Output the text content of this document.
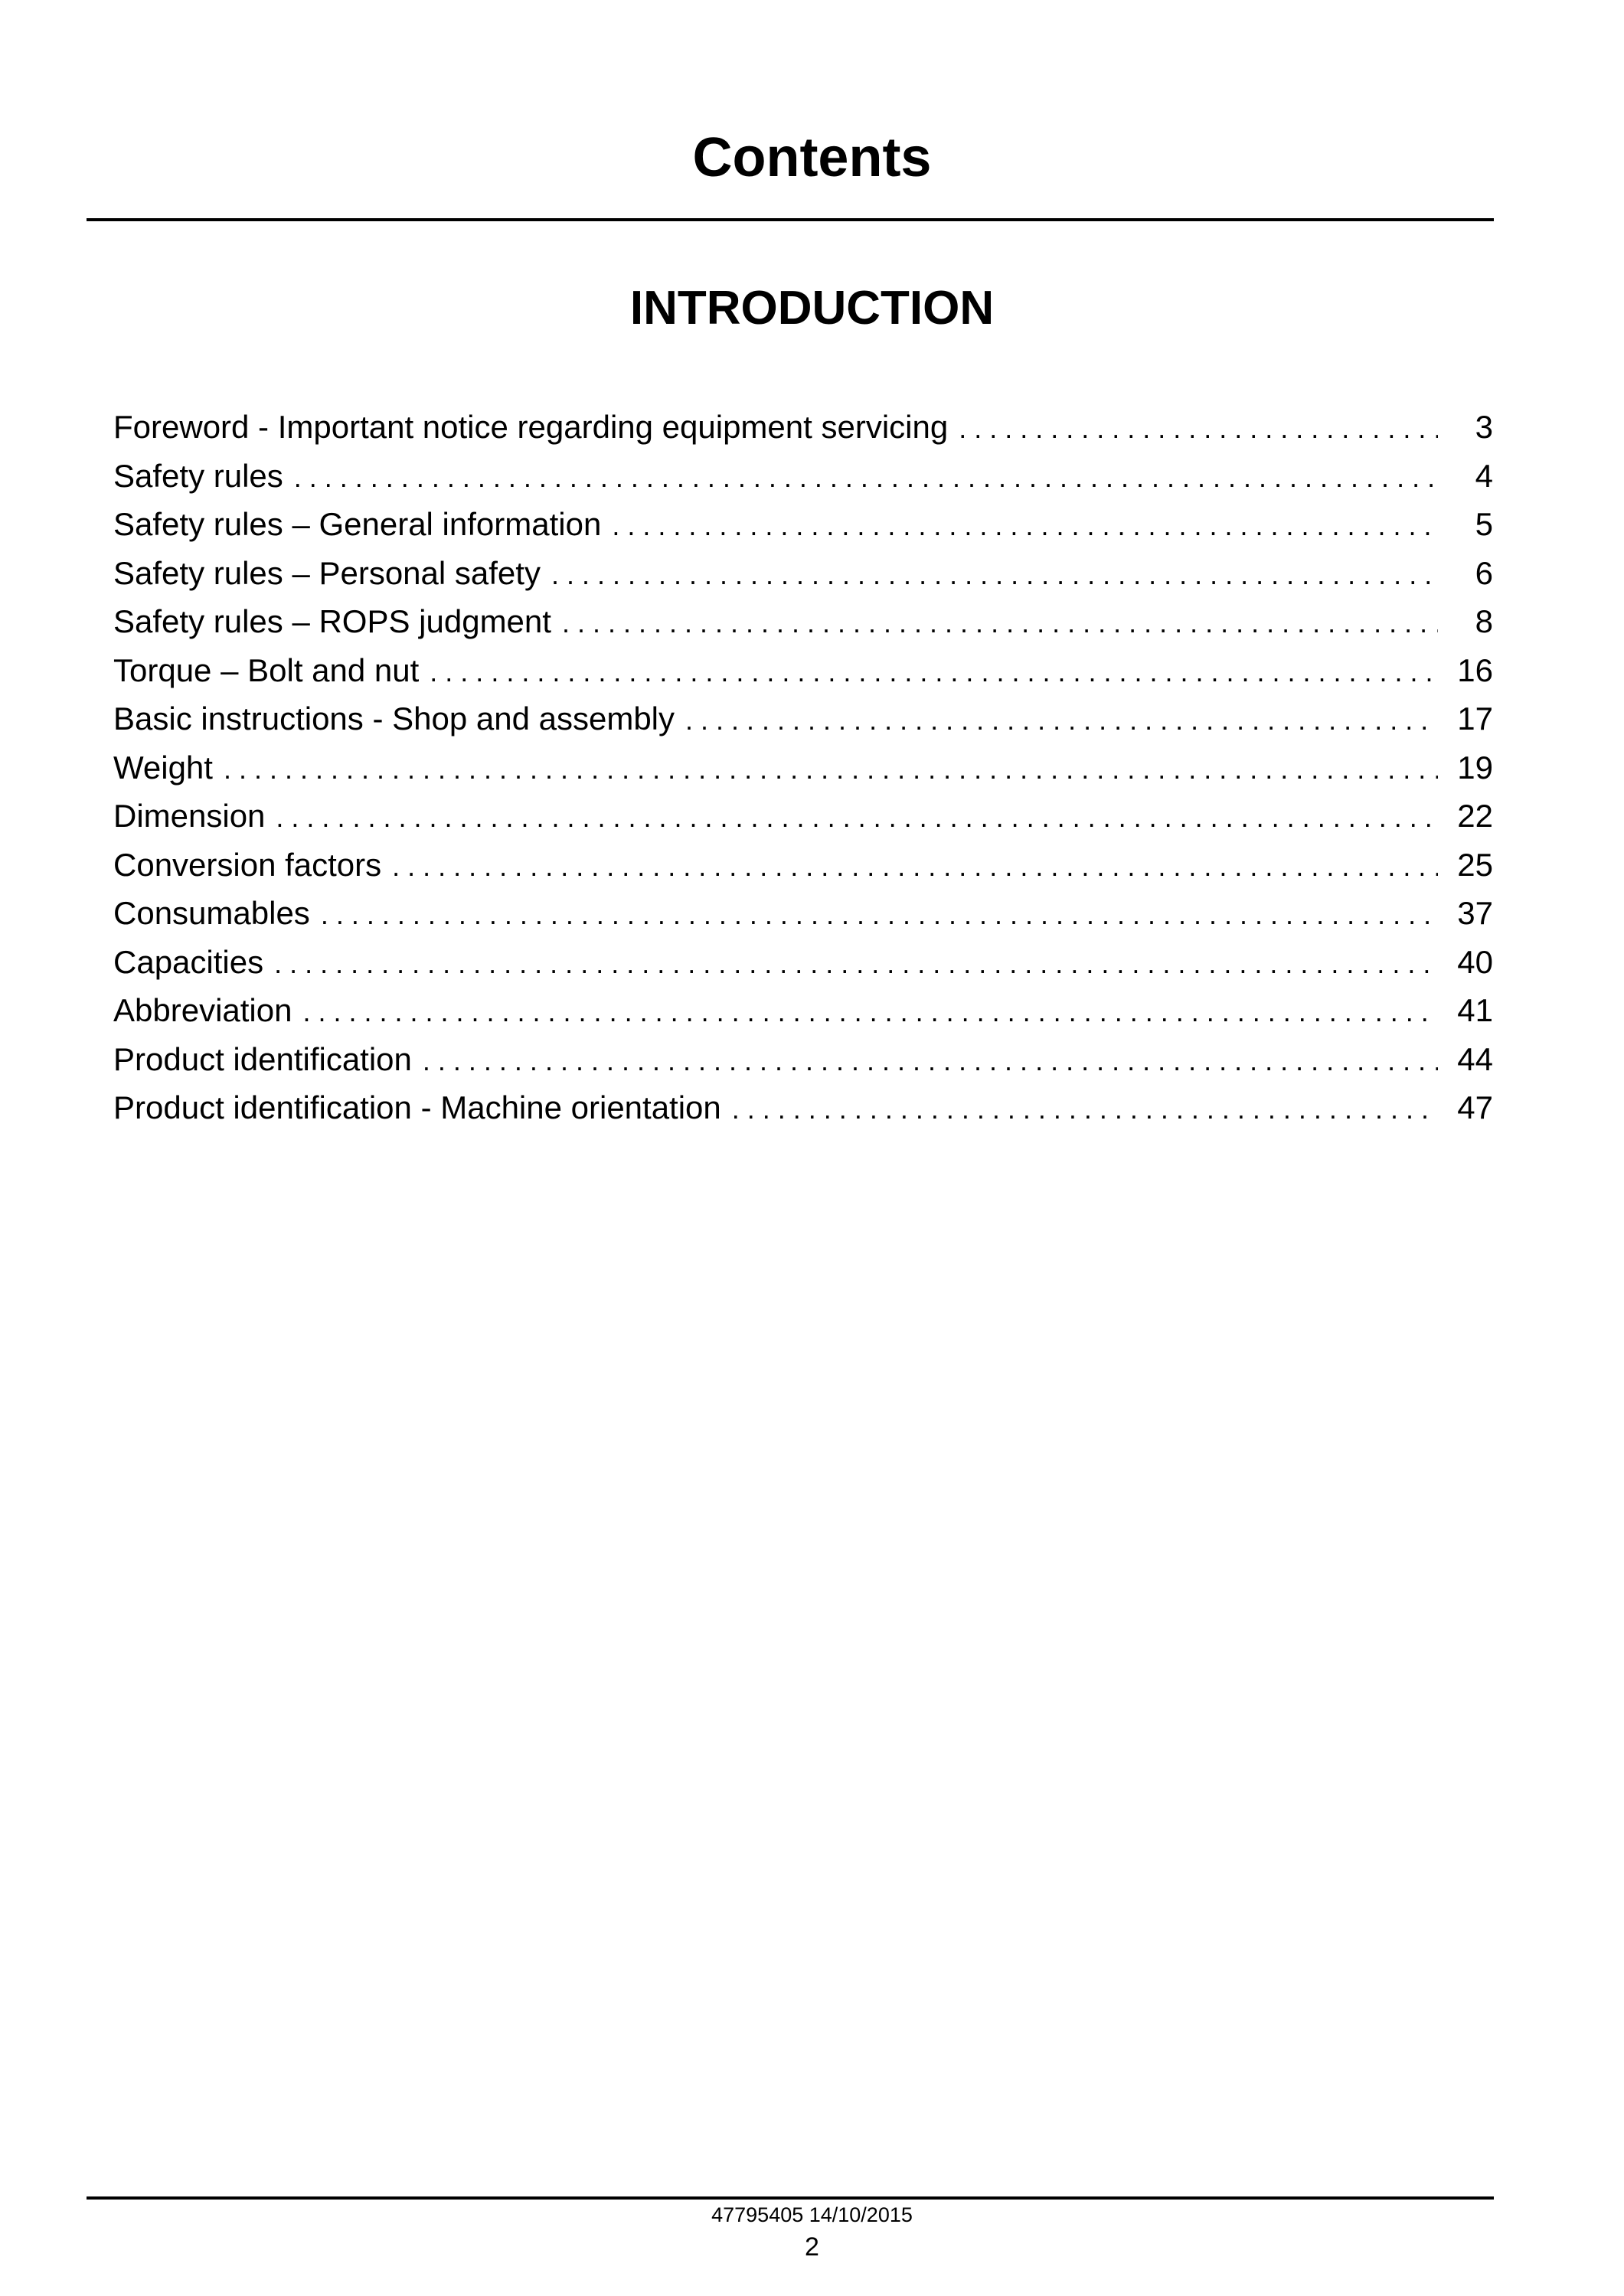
Contents
INTRODUCTION
Foreword - Important notice regarding equipment servicing . . .	3
Safety rules . . .	4
Safety rules – General information . . .	5
Safety rules – Personal safety . . .	6
Safety rules – ROPS judgment . . .	8
Torque – Bolt and nut . . .	16
Basic instructions - Shop and assembly . . .	17
Weight . . .	19
Dimension . . .	22
Conversion factors . . .	25
Consumables . . .	37
Capacities . . .	40
Abbreviation . . .	41
Product identification . . .	44
Product identification - Machine orientation . . .	47
47795405 14/10/2015
2
